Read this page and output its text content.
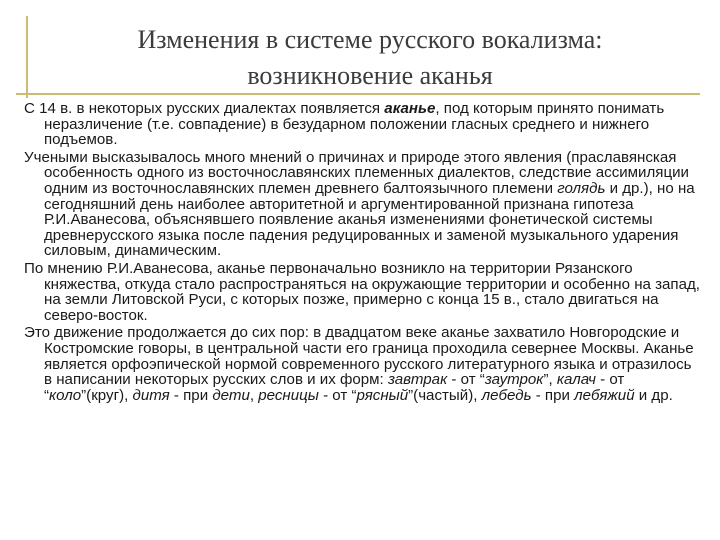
Изменения в системе русского вокализма:
возникновение аканья

С 14 в. в некоторых русских диалектах появляется аканье, под которым принято понимать неразличение (т.е. совпадение) в безударном положении гласных среднего и нижнего подъемов.

Учеными высказывалось много мнений о причинах и природе этого явления (праславянская особенность одного из восточнославянских племенных диалектов, следствие ассимиляции одним из восточнославянских племен древнего балтоязычного племени голядь и др.), но на сегодняшний день наиболее авторитетной и аргументированной признана гипотеза Р.И.Аванесова, объяснявшего появление аканья изменениями фонетической системы древнерусского языка после падения редуцированных и заменой музыкального ударения силовым, динамическим.

По мнению Р.И.Аванесова, аканье первоначально возникло на территории Рязанского княжества, откуда стало распространяться на окружающие территории и особенно на запад, на земли Литовской Руси, с которых позже, примерно с конца 15 в., стало двигаться на северо-восток.

Это движение продолжается до сих пор: в двадцатом веке аканье захватило Новгородские и Костромские говоры, в центральной части его граница проходила севернее Москвы. Аканье является орфоэпической нормой современного русского литературного языка и отразилось в написании некоторых русских слов и их форм: завтрак - от “заутрок”, калач - от “коло”(круг), дитя - при дети, ресницы - от “рясный”(частый), лебедь - при лебяжий и др.
